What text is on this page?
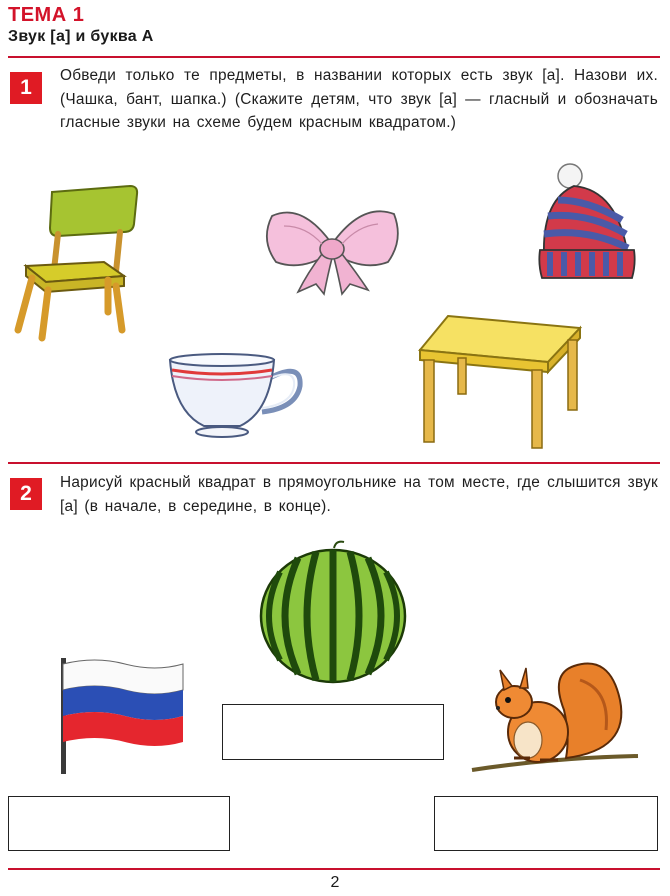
ТЕМА 1
Звук [а] и буква А
1
Обведи только те предметы, в названии которых есть звук [а]. Назови их. (Чашка, бант, шапка.) (Скажите детям, что звук [а] — гласный и обозначать гласные звуки на схеме будем красным квадратом.)
2	Нарисуй красный квадрат в прямоугольнике на том месте, где слышится звук [а] (в начале, в середине, в конце).
2
